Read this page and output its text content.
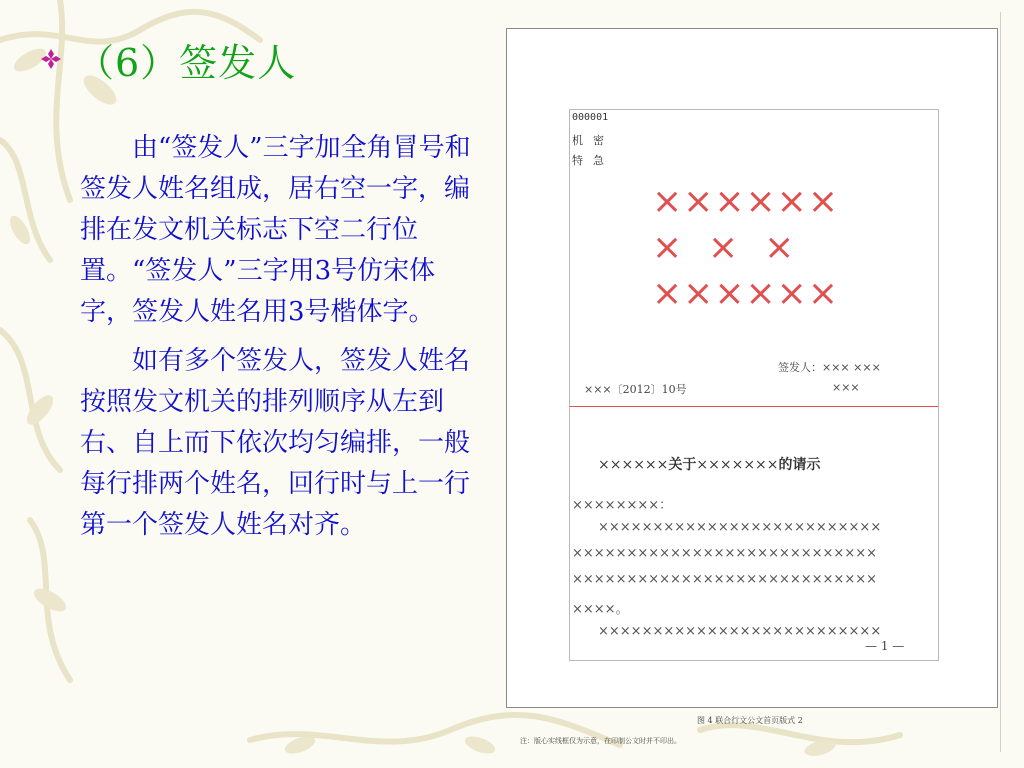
（6）签发人

由“签发人”三字加全角冒号和签发人姓名组成，居右空一字，编排在发文机关标志下空二行位置。“签发人”三字用3号仿宋体字，签发人姓名用3号楷体字。

如有多个签发人，签发人姓名按照发文机关的排列顺序从左到右、自上而下依次均匀编排，一般每行排两个姓名，回行时与上一行第一个签发人姓名对齐。

000001
机密
特急
××××××
×  ×  ×
××××××
签发人：××× ×××
×××〔2012〕10号	×××
××××××关于×××××××的请示
××××××××：
××××××××××××××××××××××××××
××××××××××××××××××××××××××××
××××××××××××××××××××××××××××
××××。
××××××××××××××××××××××××××
— 1 —
图 4 联合行文公文首页版式 2
注：版心实线框仅为示意，在印制公文时并不印出。
